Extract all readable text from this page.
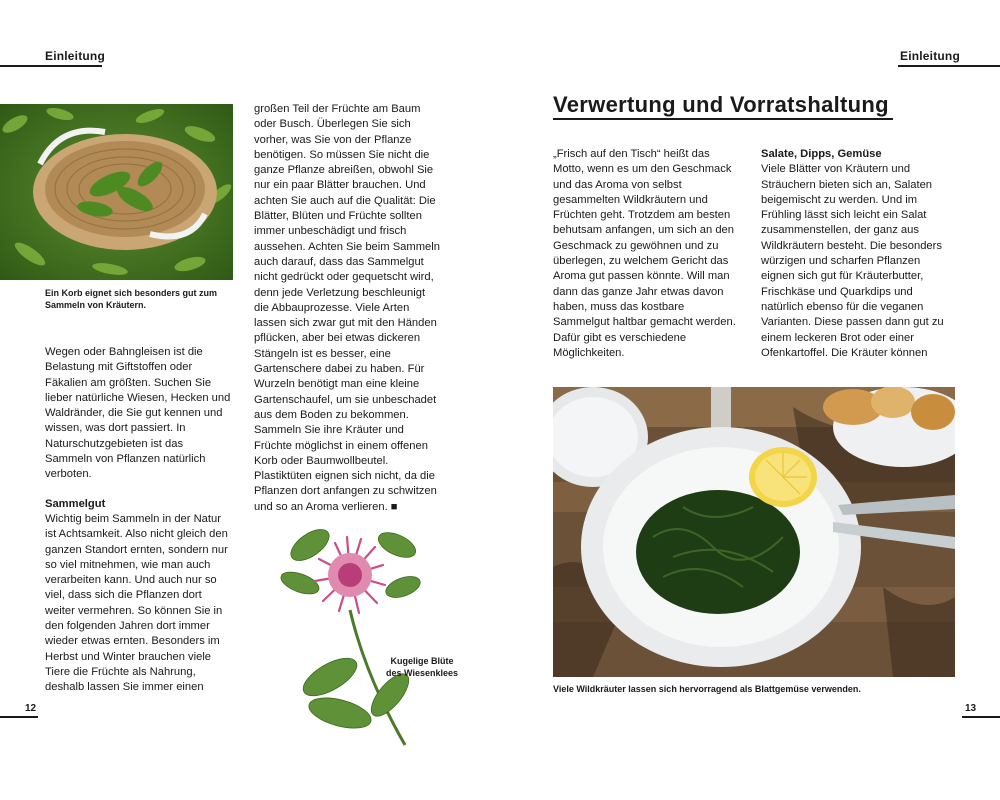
Einleitung
Ein Korb eignet sich besonders gut zum Sammeln von Kräutern.

Wegen oder Bahngleisen ist die Belastung mit Giftstoffen oder Fäkalien am größten. Suchen Sie lieber natürliche Wiesen, Hecken und Waldränder, die Sie gut kennen und wissen, was dort passiert. In Naturschutzgebieten ist das Sammeln von Pflanzen natürlich verboten.

Sammelgut

Wichtig beim Sammeln in der Natur ist Achtsamkeit. Also nicht gleich den ganzen Standort ernten, sondern nur so viel mitnehmen, wie man auch verarbeiten kann. Und auch nur so viel, dass sich die Pflanzen dort weiter vermehren. So können Sie in den folgenden Jahren dort immer wieder etwas ernten. Besonders im Herbst und Winter brauchen viele Tiere die Früchte als Nahrung, deshalb lassen Sie immer einen

großen Teil der Früchte am Baum oder Busch. Überlegen Sie sich vorher, was Sie von der Pflanze benötigen. So müssen Sie nicht die ganze Pflanze abreißen, obwohl Sie nur ein paar Blätter brauchen. Und achten Sie auch auf die Qualität: Die Blätter, Blüten und Früchte sollten immer unbeschädigt und frisch aussehen. Achten Sie beim Sammeln auch darauf, dass das Sammelgut nicht gedrückt oder gequetscht wird, denn jede Verletzung beschleunigt die Abbauprozesse. Viele Arten lassen sich zwar gut mit den Händen pflücken, aber bei etwas dickeren Stängeln ist es besser, eine Gartenschere dabei zu haben. Für Wurzeln benötigt man eine kleine Gartenschaufel, um sie unbeschadet aus dem Boden zu bekommen. Sammeln Sie ihre Kräuter und Früchte möglichst in einem offenen Korb oder Baumwollbeutel. Plastiktüten eignen sich nicht, da die Pflanzen dort anfangen zu schwitzen und so an Aroma verlieren. ■

Kugelige Blüte
des Wiesenklees
12
Einleitung
Verwertung und Vorratshaltung

„Frisch auf den Tisch“ heißt das Motto, wenn es um den Geschmack und das Aroma von selbst gesammelten Wildkräutern und Früchten geht. Trotzdem am besten behutsam anfangen, um sich an den Geschmack zu gewöhnen und zu überlegen, zu welchem Gericht das Aroma gut passen könnte. Will man dann das ganze Jahr etwas davon haben, muss das kostbare Sammelgut haltbar gemacht werden. Dafür gibt es verschiedene Möglichkeiten.

Salate, Dipps, Gemüse

Viele Blätter von Kräutern und Sträuchern bieten sich an, Salaten beigemischt zu werden. Und im Frühling lässt sich leicht ein Salat zusammenstellen, der ganz aus Wildkräutern besteht. Die besonders würzigen und scharfen Pflanzen eignen sich gut für Kräuterbutter, Frischkäse und Quarkdips und natürlich ebenso für die veganen Varianten. Diese passen dann gut zu einem leckeren Brot oder einer Ofenkartoffel. Die Kräuter können

Viele Wildkräuter lassen sich hervorragend als Blattgemüse verwenden.
13
